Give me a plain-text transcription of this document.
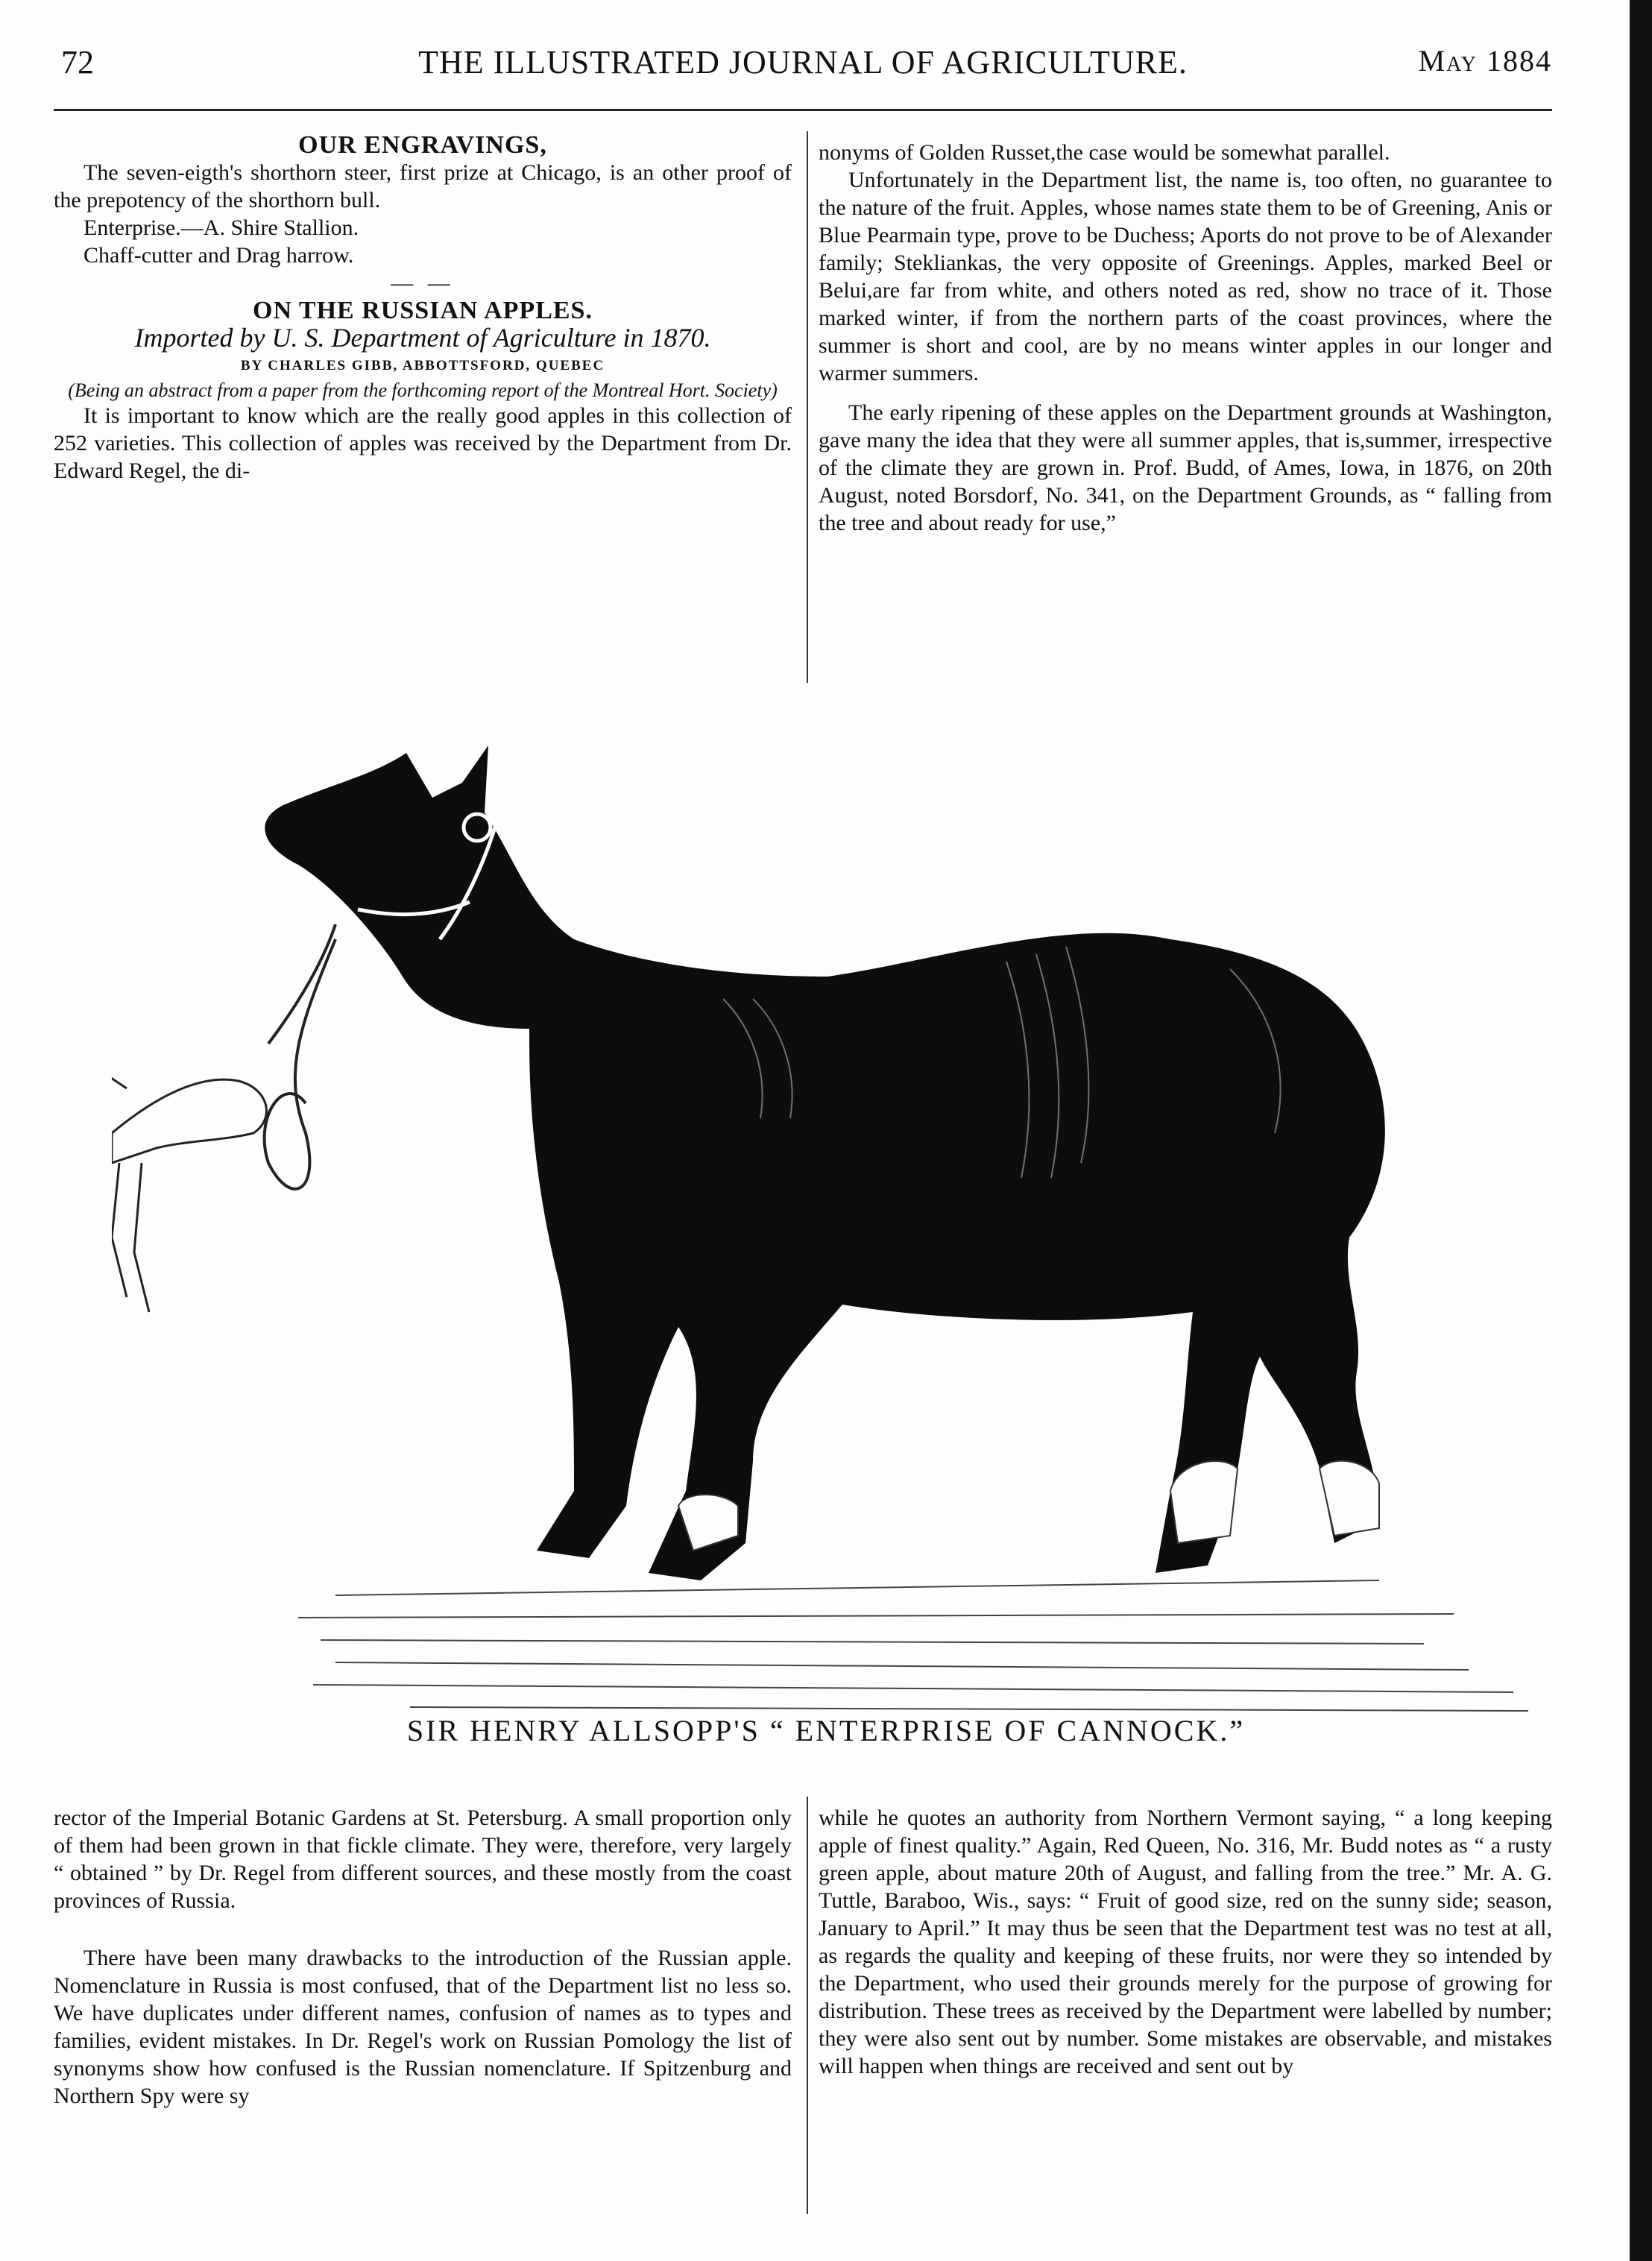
72	THE ILLUSTRATED JOURNAL OF AGRICULTURE.	May 1884

OUR ENGRAVINGS,

The seven-eigth's shorthorn steer, first prize at Chicago, is an other proof of the prepotency of the shorthorn bull.

Enterprise.—A. Shire Stallion.

Chaff-cutter and Drag harrow.

— —

ON THE RUSSIAN APPLES.

Imported by U. S. Department of Agriculture in 1870.

BY CHARLES GIBB, ABBOTTSFORD, QUEBEC

(Being an abstract from a paper from the forthcoming report of the Montreal Hort. Society)

It is important to know which are the really good apples in this collection of 252 varieties. This collection of apples was received by the Department from Dr. Edward Regel, the di-

nonyms of Golden Russet,the case would be somewhat parallel.

Unfortunately in the Department list, the name is, too often, no guarantee to the nature of the fruit. Apples, whose names state them to be of Greening, Anis or Blue Pearmain type, prove to be Duchess; Aports do not prove to be of Alexander family; Stekliankas, the very opposite of Greenings. Apples, marked Beel or Belui,are far from white, and others noted as red, show no trace of it. Those marked winter, if from the northern parts of the coast provinces, where the summer is short and cool, are by no means winter apples in our longer and warmer summers.

The early ripening of these apples on the Department grounds at Washington, gave many the idea that they were all summer apples, that is,summer, irrespective of the climate they are grown in. Prof. Budd, of Ames, Iowa, in 1876, on 20th August, noted Borsdorf, No. 341, on the Department Grounds, as “ falling from the tree and about ready for use,”

SIR HENRY ALLSOPP'S “ ENTERPRISE OF CANNOCK.”

rector of the Imperial Botanic Gardens at St. Petersburg. A small proportion only of them had been grown in that fickle climate. They were, therefore, very largely “ obtained ” by Dr. Regel from different sources, and these mostly from the coast provinces of Russia.

There have been many drawbacks to the introduction of the Russian apple. Nomenclature in Russia is most confused, that of the Department list no less so. We have duplicates under different names, confusion of names as to types and families, evident mistakes. In Dr. Regel's work on Russian Pomology the list of synonyms show how confused is the Russian nomenclature. If Spitzenburg and Northern Spy were sy

while he quotes an authority from Northern Vermont saying, “ a long keeping apple of finest quality.” Again, Red Queen, No. 316, Mr. Budd notes as “ a rusty green apple, about mature 20th of August, and falling from the tree.” Mr. A. G. Tuttle, Baraboo, Wis., says: “ Fruit of good size, red on the sunny side; season, January to April.” It may thus be seen that the Department test was no test at all, as regards the quality and keeping of these fruits, nor were they so intended by the Department, who used their grounds merely for the purpose of growing for distribution. These trees as received by the Department were labelled by number; they were also sent out by number. Some mistakes are observable, and mistakes will happen when things are received and sent out by
